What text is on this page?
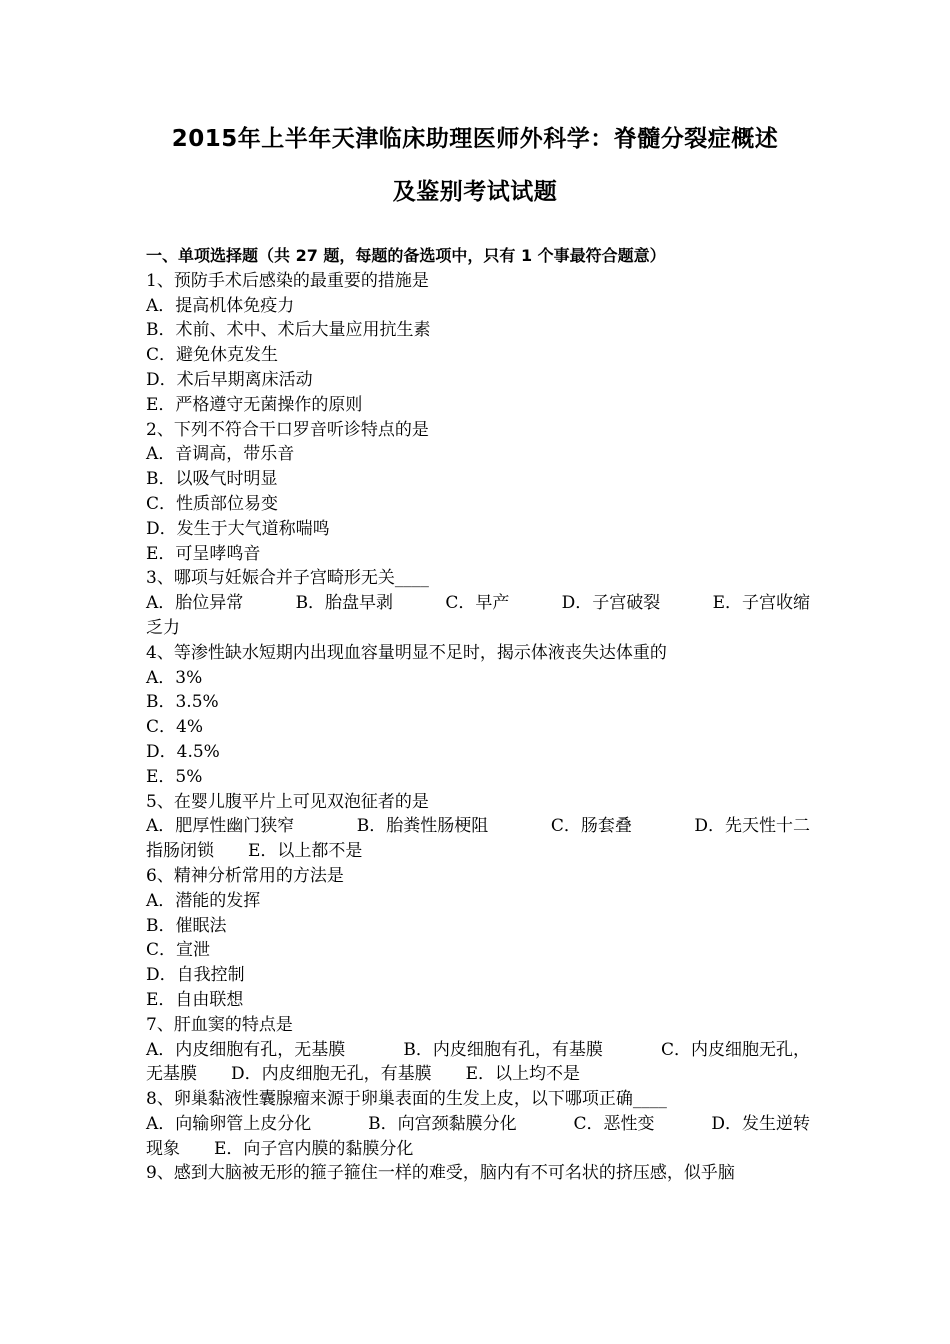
2015年上半年天津临床助理医师外科学：脊髓分裂症概述
及鉴别考试试题
一、单项选择题（共 27 题，每题的备选项中，只有 1 个事最符合题意）
1、预防手术后感染的最重要的措施是
A．提高机体免疫力
B．术前、术中、术后大量应用抗生素
C．避免休克发生
D．术后早期离床活动
E．严格遵守无菌操作的原则
2、下列不符合干口罗音听诊特点的是
A．音调高，带乐音
B．以吸气时明显
C．性质部位易变
D．发生于大气道称喘鸣
E．可呈哮鸣音
3、哪项与妊娠合并子宫畸形无关____
A．胎位异常	B．胎盘早剥	C．早产	D．子宫破裂	E．子宫收缩
乏力
4、等渗性缺水短期内出现血容量明显不足时，揭示体液丧失达体重的
A．3%
B．3.5%
C．4%
D．4.5%
E．5%
5、在婴儿腹平片上可见双泡征者的是
A．肥厚性幽门狭窄	B．胎粪性肠梗阻	C．肠套叠	D．先天性十二
指肠闭锁 E．以上都不是
6、精神分析常用的方法是
A．潜能的发挥
B．催眠法
C．宣泄
D．自我控制
E．自由联想
7、肝血窦的特点是
A．内皮细胞有孔，无基膜	B．内皮细胞有孔，有基膜	C．内皮细胞无孔，
无基膜 D．内皮细胞无孔，有基膜 E．以上均不是
8、卵巢黏液性囊腺瘤来源于卵巢表面的生发上皮，以下哪项正确____
A．向输卵管上皮分化	B．向宫颈黏膜分化	C．恶性变	D．发生逆转
现象 E．向子宫内膜的黏膜分化
9、感到大脑被无形的箍子箍住一样的难受，脑内有不可名状的挤压感，似乎脑
